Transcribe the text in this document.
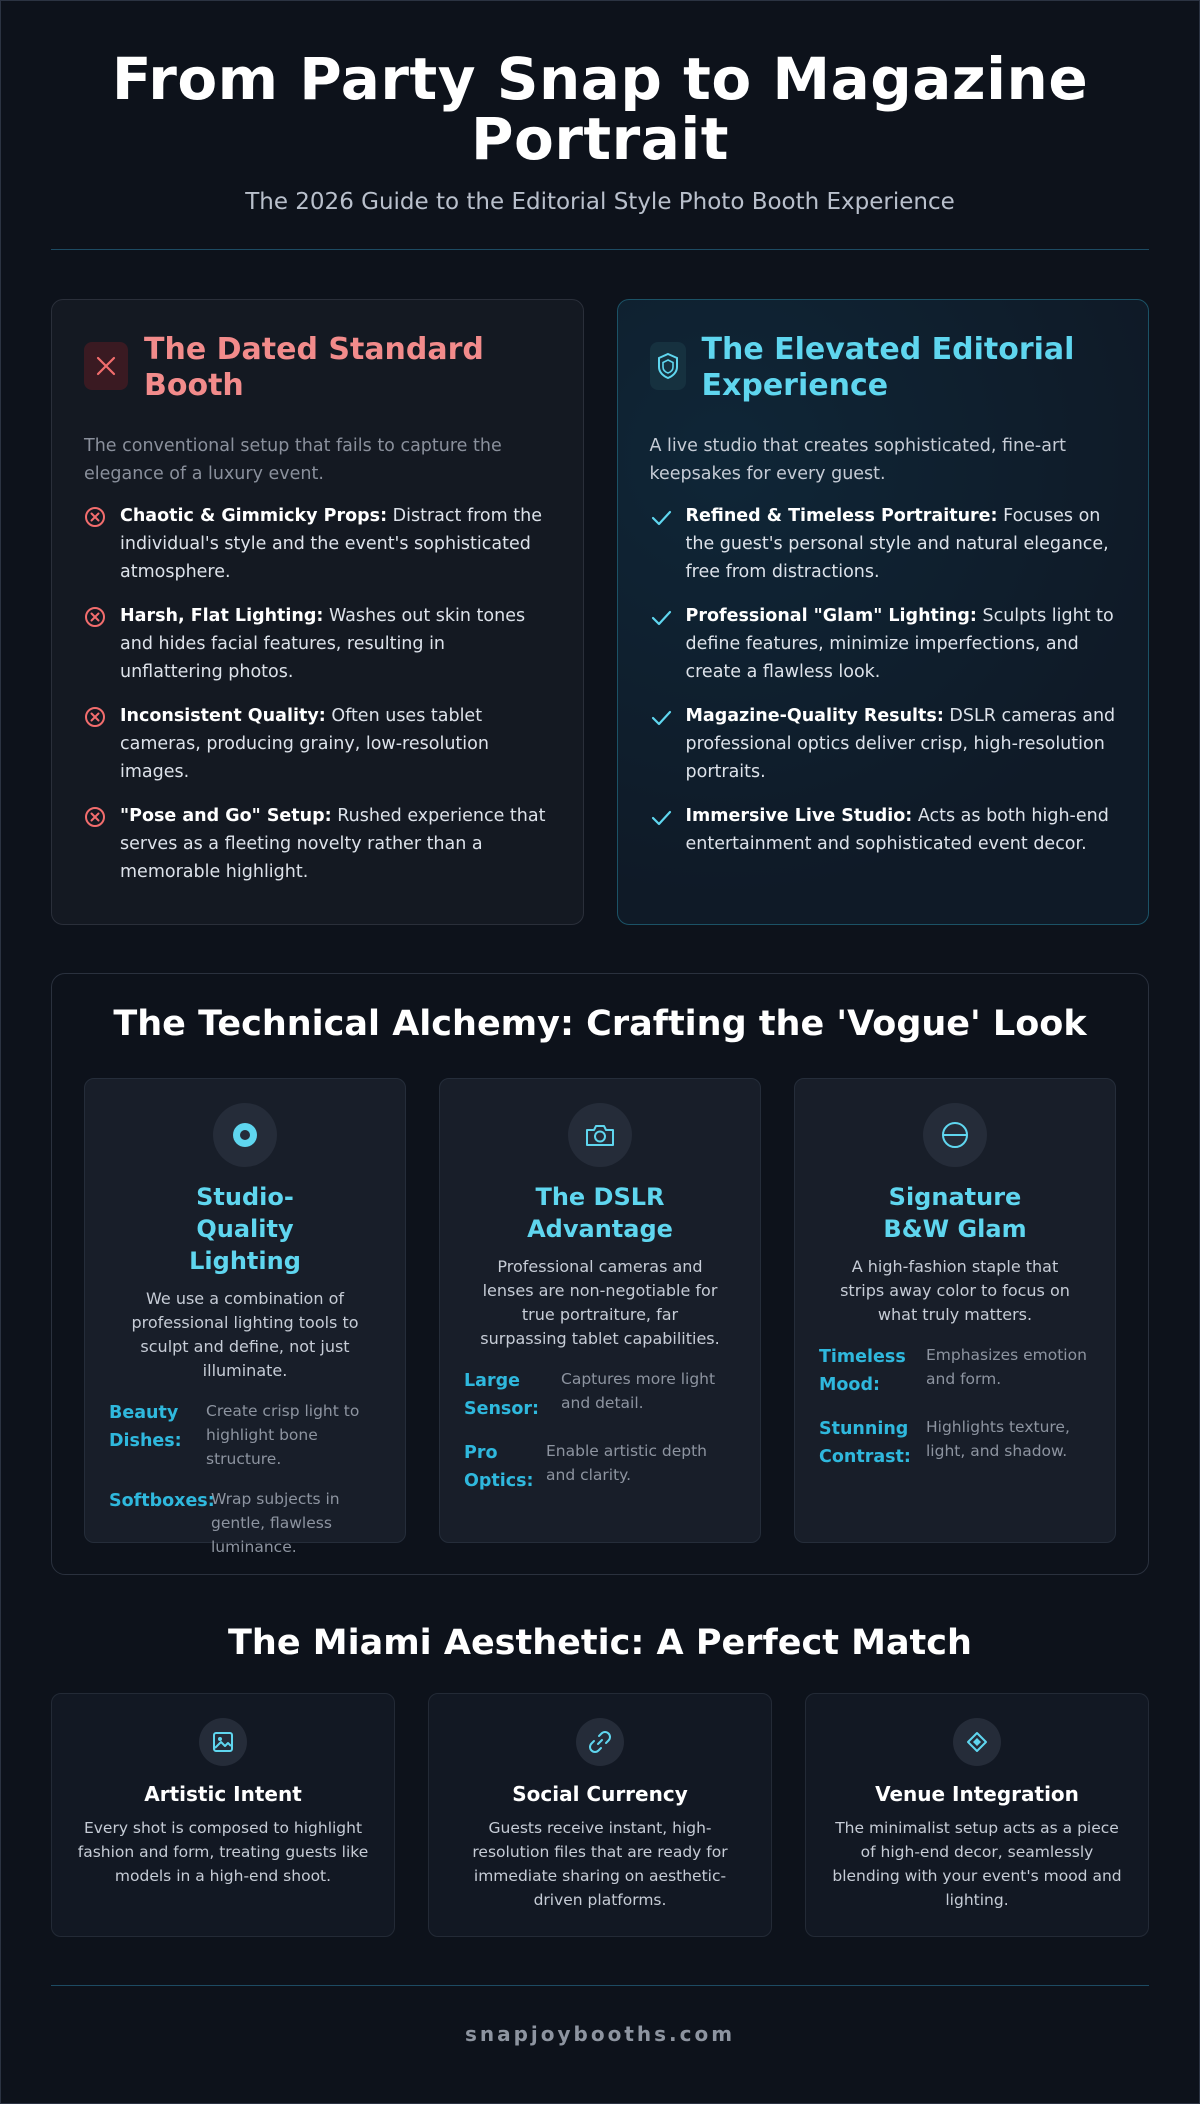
From Party Snap to Magazine Portrait
The 2026 Guide to the Editorial Style Photo Booth Experience
The Dated Standard Booth

The conventional setup that fails to capture the elegance of a luxury event.

Chaotic & Gimmicky Props: Distract from the individual's style and the event's sophisticated atmosphere.
Harsh, Flat Lighting: Washes out skin tones and hides facial features, resulting in unflattering photos.
Inconsistent Quality: Often uses tablet cameras, producing grainy, low-resolution images.
"Pose and Go" Setup: Rushed experience that serves as a fleeting novelty rather than a memorable highlight.
The Elevated Editorial Experience

A live studio that creates sophisticated, fine-art keepsakes for every guest.

Refined & Timeless Portraiture: Focuses on the guest's personal style and natural elegance, free from distractions.
Professional "Glam" Lighting: Sculpts light to define features, minimize imperfections, and create a flawless look.
Magazine-Quality Results: DSLR cameras and professional optics deliver crisp, high-resolution portraits.
Immersive Live Studio: Acts as both high-end entertainment and sophisticated event decor.
The Technical Alchemy: Crafting the 'Vogue' Look
Studio-Quality Lighting

We use a combination of professional lighting tools to sculpt and define, not just illuminate.

Beauty Dishes:
Create crisp light to highlight bone structure.
Softboxes:
Wrap subjects in gentle, flawless luminance.
The DSLR Advantage

Professional cameras and lenses are non-negotiable for true portraiture, far surpassing tablet capabilities.

Large Sensor:
Captures more light and detail.
Pro Optics:
Enable artistic depth and clarity.
Signature B&W Glam

A high-fashion staple that strips away color to focus on what truly matters.

Timeless Mood:
Emphasizes emotion and form.
Stunning Contrast:
Highlights texture, light, and shadow.
The Miami Aesthetic: A Perfect Match
Artistic Intent

Every shot is composed to highlight fashion and form, treating guests like models in a high-end shoot.

Social Currency

Guests receive instant, high-resolution files that are ready for immediate sharing on aesthetic-driven platforms.

Venue Integration

The minimalist setup acts as a piece of high-end decor, seamlessly blending with your event's mood and lighting.

snapjoybooths.com
